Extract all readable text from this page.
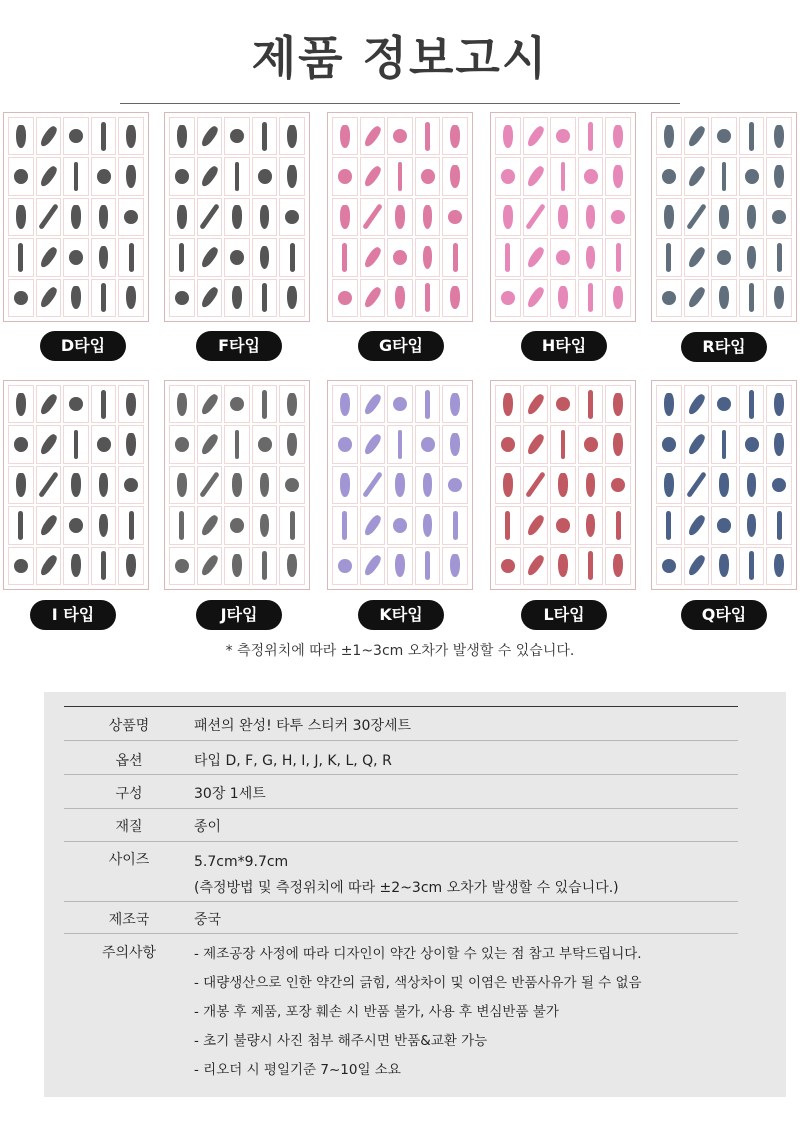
제품 정보고시
D타입	F타입	G타입	H타입	R타입
I 타입	J타입	K타입	L타입	Q타입
* 측정위치에 따라 ±1~3cm 오차가 발생할 수 있습니다.
상품명	패션의 완성! 타투 스티커 30장세트
옵션	타입 D, F, G, H, I, J, K, L, Q, R
구성	30장 1세트
재질	종이
사이즈	5.7cm*9.7cm
(측정방법 및 측정위치에 따라 ±2~3cm 오차가 발생할 수 있습니다.)
제조국	중국
주의사항	- 제조공장 사정에 따라 디자인이 약간 상이할 수 있는 점 참고 부탁드립니다.
- 대량생산으로 인한 약간의 긁힘, 색상차이 및 이염은 반품사유가 될 수 없음
- 개봉 후 제품, 포장 훼손 시 반품 불가, 사용 후 변심반품 불가
- 초기 불량시 사진 첨부 해주시면 반품&교환 가능
- 리오더 시 평일기준 7~10일 소요
